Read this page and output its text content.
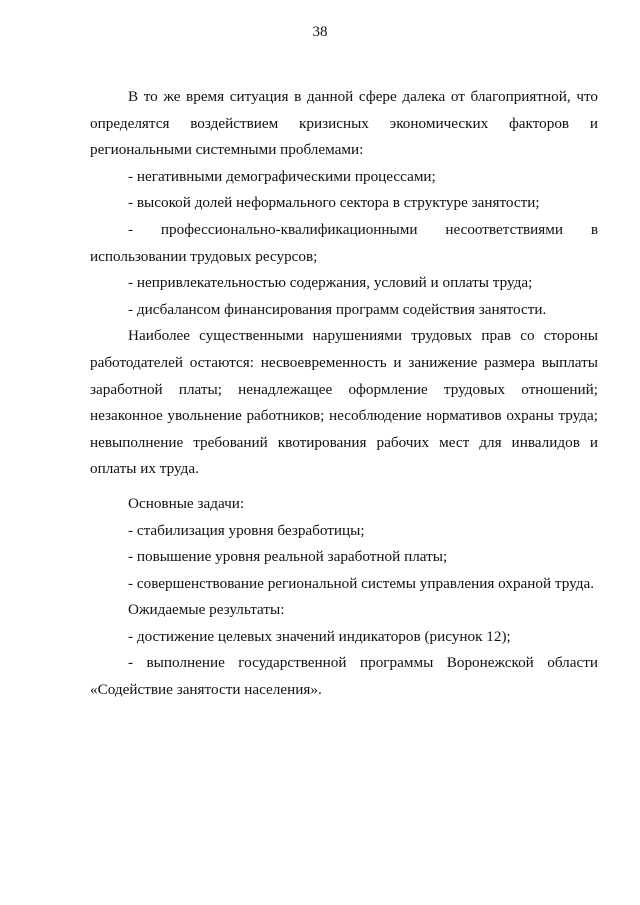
38

В то же время ситуация в данной сфере далека от благоприятной, что определятся воздействием кризисных экономических факторов и региональными системными проблемами:

- негативными демографическими процессами;

- высокой долей неформального сектора в структуре занятости;

- профессионально-квалификационными несоответствиями в использовании трудовых ресурсов;

- непривлекательностью содержания, условий и оплаты труда;

- дисбалансом финансирования программ содействия занятости.

Наиболее существенными нарушениями трудовых прав со стороны работодателей остаются: несвоевременность и занижение размера выплаты заработной платы; ненадлежащее оформление трудовых отношений; незаконное увольнение работников; несоблюдение нормативов охраны труда; невыполнение требований квотирования рабочих мест для инвалидов и оплаты их труда.

Основные задачи:

- стабилизация уровня безработицы;

- повышение уровня реальной заработной платы;

- совершенствование региональной системы управления охраной труда.

Ожидаемые результаты:

- достижение целевых значений индикаторов (рисунок 12);

- выполнение государственной программы Воронежской области «Содействие занятости населения».
